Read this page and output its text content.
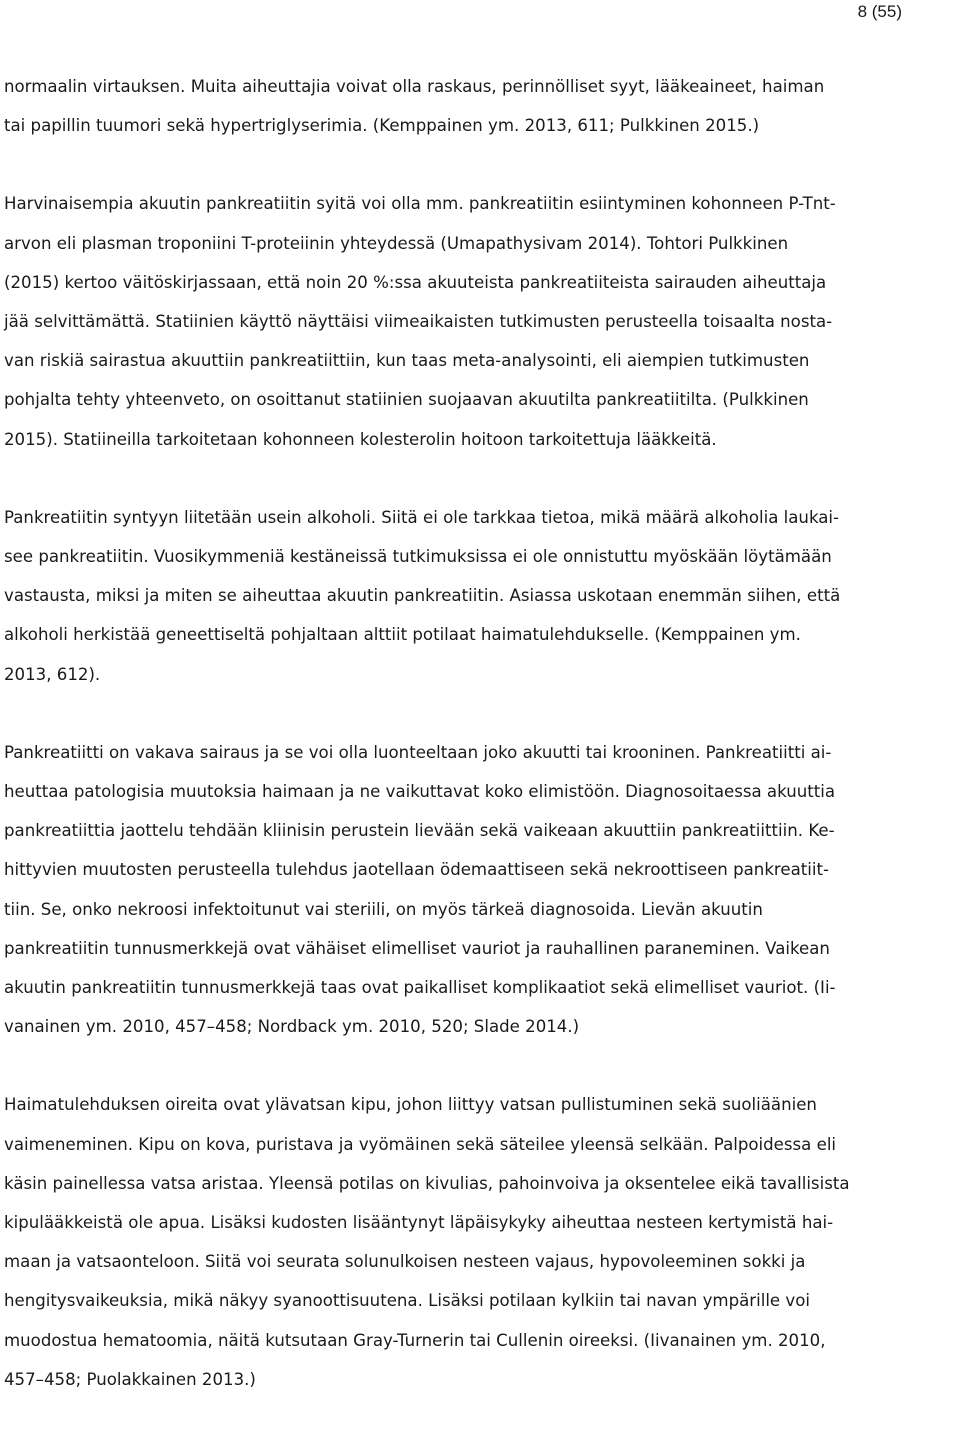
8 (55)

normaalin virtauksen. Muita aiheuttajia voivat olla raskaus, perinnölliset syyt, lääkeaineet, haiman
tai papillin tuumori sekä hypertriglyserimia. (Kemppainen ym. 2013, 611; Pulkkinen 2015.)

Harvinaisempia akuutin pankreatiitin syitä voi olla mm. pankreatiitin esiintyminen kohonneen P-Tnt-
arvon eli plasman troponiini T-proteiinin yhteydessä (Umapathysivam 2014). Tohtori Pulkkinen
(2015) kertoo väitöskirjassaan, että noin 20 %:ssa akuuteista pankreatiiteista sairauden aiheuttaja
jää selvittämättä. Statiinien käyttö näyttäisi viimeaikaisten tutkimusten perusteella toisaalta nosta-
van riskiä sairastua akuuttiin pankreatiittiin, kun taas meta-analysointi, eli aiempien tutkimusten
pohjalta tehty yhteenveto, on osoittanut statiinien suojaavan akuutilta pankreatiitilta. (Pulkkinen
2015). Statiineilla tarkoitetaan kohonneen kolesterolin hoitoon tarkoitettuja lääkkeitä.

Pankreatiitin syntyyn liitetään usein alkoholi. Siitä ei ole tarkkaa tietoa, mikä määrä alkoholia laukai-
see pankreatiitin. Vuosikymmeniä kestäneissä tutkimuksissa ei ole onnistuttu myöskään löytämään
vastausta, miksi ja miten se aiheuttaa akuutin pankreatiitin. Asiassa uskotaan enemmän siihen, että
alkoholi herkistää geneettiseltä pohjaltaan alttiit potilaat haimatulehdukselle. (Kemppainen ym.
2013, 612).

Pankreatiitti on vakava sairaus ja se voi olla luonteeltaan joko akuutti tai krooninen. Pankreatiitti ai-
heuttaa patologisia muutoksia haimaan ja ne vaikuttavat koko elimistöön. Diagnosoitaessa akuuttia
pankreatiittia jaottelu tehdään kliinisin perustein lievään sekä vaikeaan akuuttiin pankreatiittiin. Ke-
hittyvien muutosten perusteella tulehdus jaotellaan ödemaattiseen sekä nekroottiseen pankreatiit-
tiin. Se, onko nekroosi infektoitunut vai steriili, on myös tärkeä diagnosoida. Lievän akuutin
pankreatiitin tunnusmerkkejä ovat vähäiset elimelliset vauriot ja rauhallinen paraneminen. Vaikean
akuutin pankreatiitin tunnusmerkkejä taas ovat paikalliset komplikaatiot sekä elimelliset vauriot. (Ii-
vanainen ym. 2010, 457–458; Nordback ym. 2010, 520; Slade 2014.)

Haimatulehduksen oireita ovat ylävatsan kipu, johon liittyy vatsan pullistuminen sekä suoliäänien
vaimeneminen. Kipu on kova, puristava ja vyömäinen sekä säteilee yleensä selkään. Palpoidessa eli
käsin painellessa vatsa aristaa. Yleensä potilas on kivulias, pahoinvoiva ja oksentelee eikä tavallisista
kipulääkkeistä ole apua. Lisäksi kudosten lisääntynyt läpäisykyky aiheuttaa nesteen kertymistä hai-
maan ja vatsaonteloon. Siitä voi seurata solunulkoisen nesteen vajaus, hypovoleeminen sokki ja
hengitysvaikeuksia, mikä näkyy syanoottisuutena. Lisäksi potilaan kylkiin tai navan ympärille voi
muodostua hematoomia, näitä kutsutaan Gray-Turnerin tai Cullenin oireeksi. (Iivanainen ym. 2010,
457–458; Puolakkainen 2013.)
